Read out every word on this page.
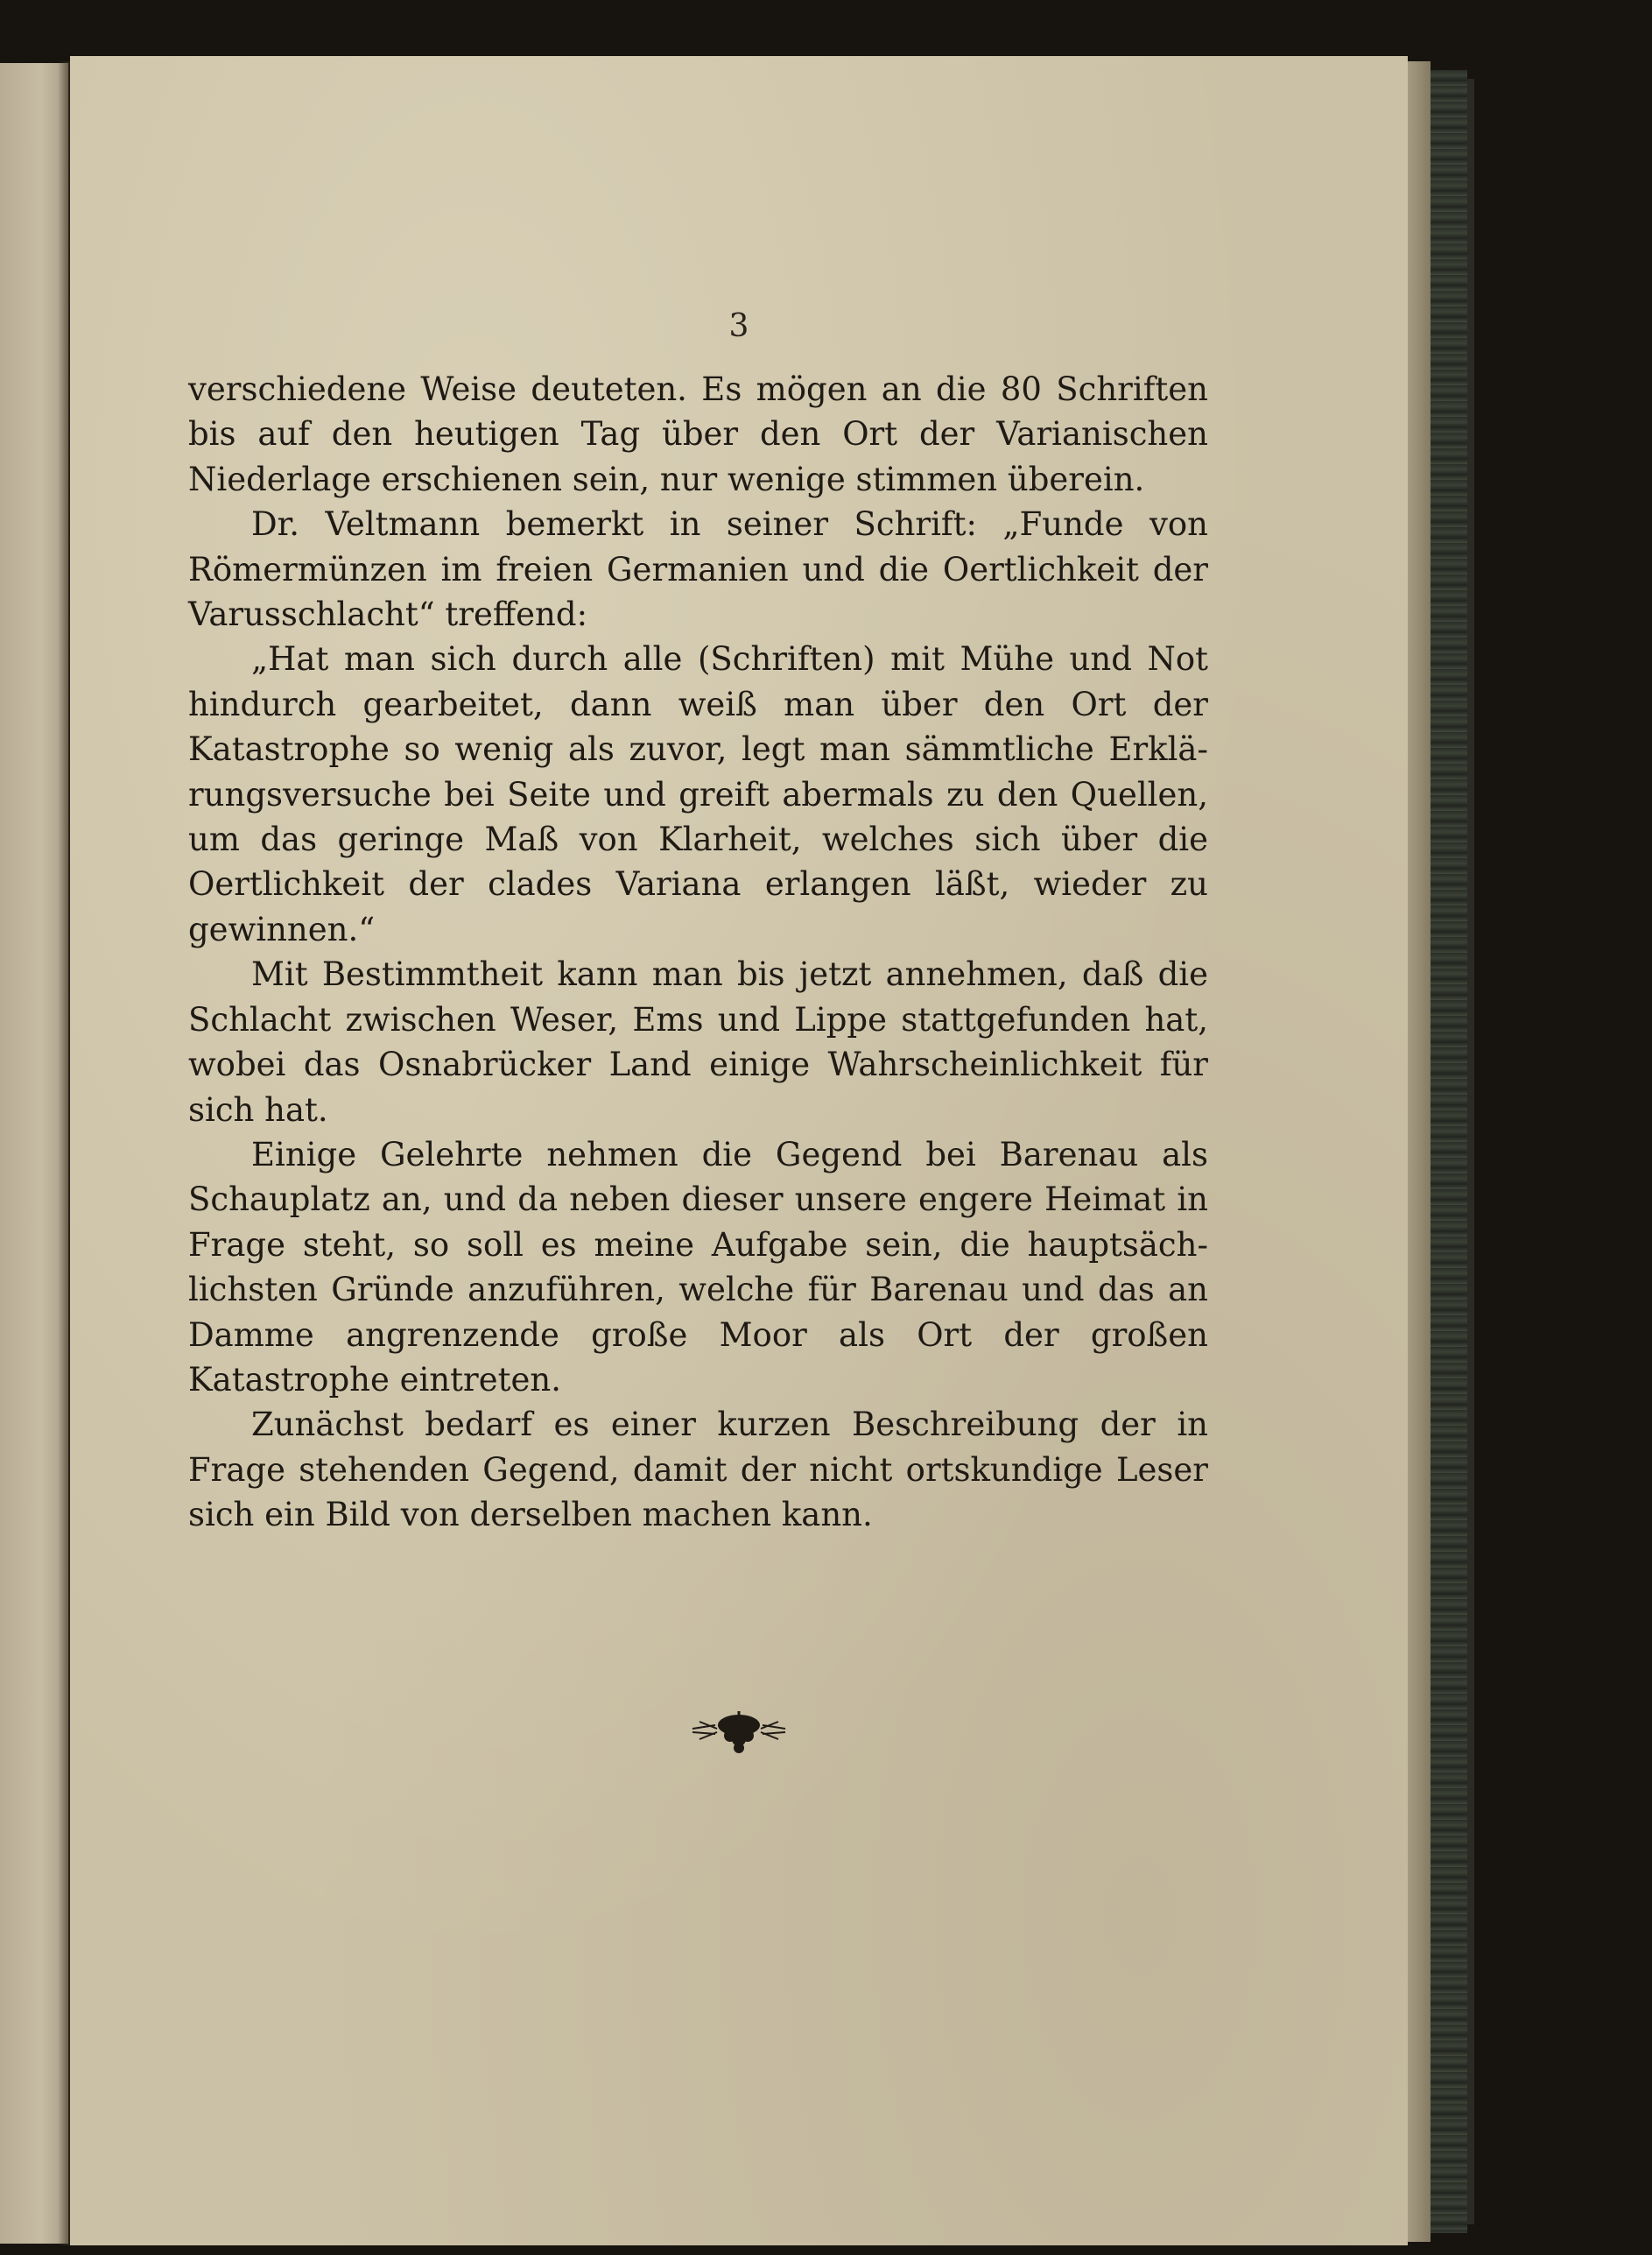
3

verschiedene Weise deuteten. Es mögen an die 80 Schriften bis auf den heutigen Tag über den Ort der Varianischen Niederlage erschienen sein, nur wenige stimmen überein.

Dr. Veltmann bemerkt in seiner Schrift: „Funde von Römermünzen im freien Germanien und die Oertlichkeit der Varusschlacht“ treffend:

„Hat man sich durch alle (Schriften) mit Mühe und Not hindurch gearbeitet, dann weiß man über den Ort der Katastrophe so wenig als zuvor, legt man sämmtliche Erklärungsversuche bei Seite und greift abermals zu den Quellen, um das geringe Maß von Klarheit, welches sich über die Oertlichkeit der clades Variana erlangen läßt, wieder zu gewinnen.“

Mit Bestimmtheit kann man bis jetzt annehmen, daß die Schlacht zwischen Weser, Ems und Lippe stattgefunden hat, wobei das Osnabrücker Land einige Wahrscheinlichkeit für sich hat.

Einige Gelehrte nehmen die Gegend bei Barenau als Schauplatz an, und da neben dieser unsere engere Heimat in Frage steht, so soll es meine Aufgabe sein, die hauptsächlichsten Gründe anzuführen, welche für Barenau und das an Damme angrenzende große Moor als Ort der großen Katastrophe eintreten.

Zunächst bedarf es einer kurzen Beschreibung der in Frage stehenden Gegend, damit der nicht ortskundige Leser sich ein Bild von derselben machen kann.
